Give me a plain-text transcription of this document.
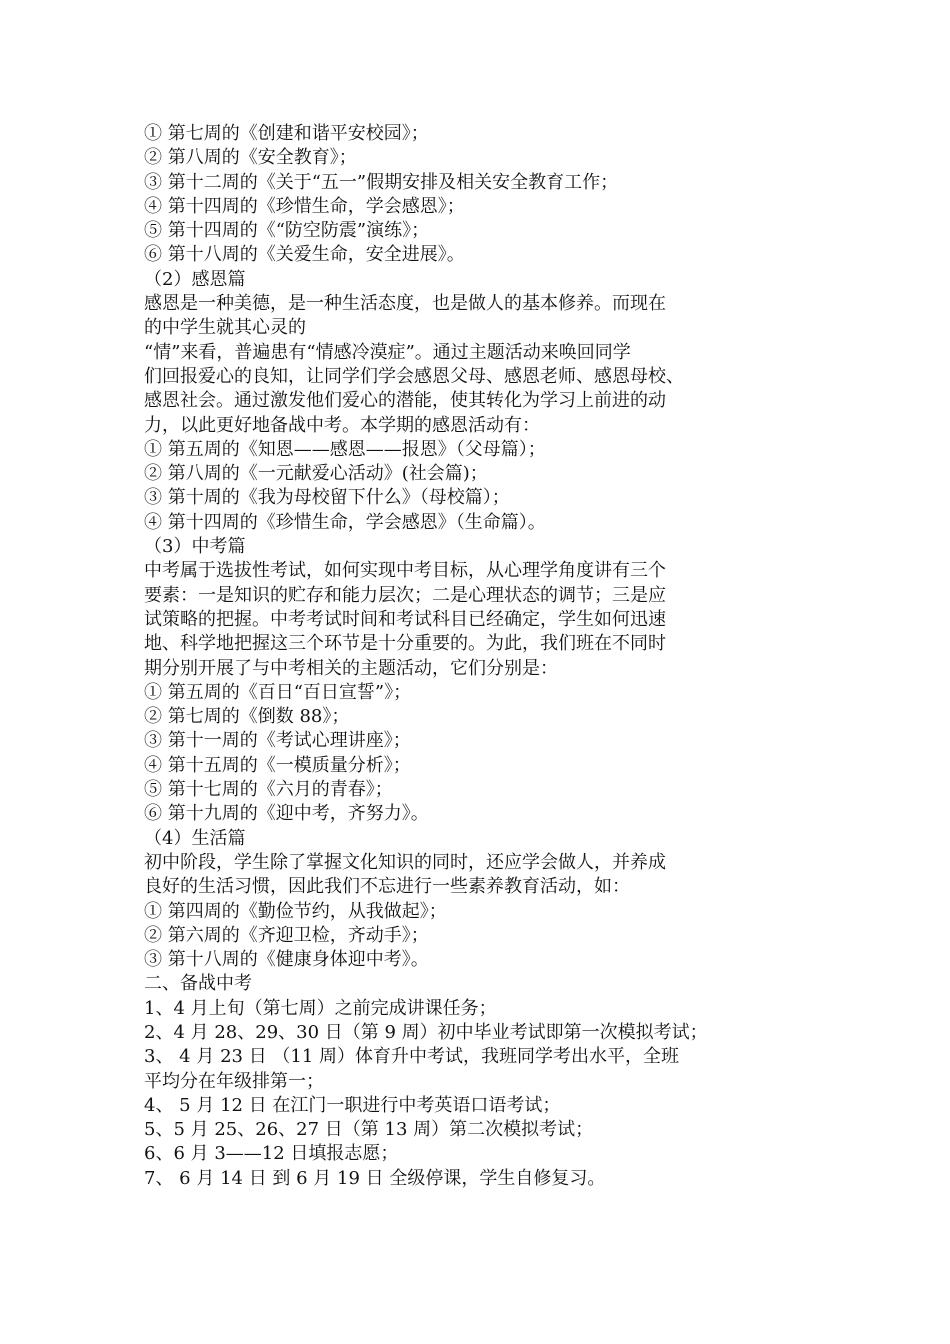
① 第七周的《创建和谐平安校园》；
② 第八周的《安全教育》；
③ 第十二周的《关于“五一”假期安排及相关安全教育工作；
④ 第十四周的《珍惜生命，学会感恩》；
⑤ 第十四周的《“防空防震”演练》；
⑥ 第十八周的《关爱生命，安全进展》。
（2）感恩篇
感恩是一种美德，是一种生活态度，也是做人的基本修养。而现在
的中学生就其心灵的
“情”来看，普遍患有“情感冷漠症”。通过主题活动来唤回同学
们回报爱心的良知，让同学们学会感恩父母、感恩老师、感恩母校、
感恩社会。通过激发他们爱心的潜能，使其转化为学习上前进的动
力，以此更好地备战中考。本学期的感恩活动有：
① 第五周的《知恩——感恩——报恩》（父母篇）；
② 第八周的《一元献爱心活动》(社会篇)；
③ 第十周的《我为母校留下什么》（母校篇）；
④ 第十四周的《珍惜生命，学会感恩》（生命篇）。
（3）中考篇
中考属于选拔性考试，如何实现中考目标，从心理学角度讲有三个
要素：一是知识的贮存和能力层次；二是心理状态的调节；三是应
试策略的把握。中考考试时间和考试科目已经确定，学生如何迅速
地、科学地把握这三个环节是十分重要的。为此，我们班在不同时
期分别开展了与中考相关的主题活动，它们分别是：
① 第五周的《百日“百日宣誓”》；
② 第七周的《倒数 88》；
③ 第十一周的《考试心理讲座》；
④ 第十五周的《一模质量分析》；
⑤ 第十七周的《六月的青春》；
⑥ 第十九周的《迎中考，齐努力》。
（4）生活篇
初中阶段，学生除了掌握文化知识的同时，还应学会做人，并养成
良好的生活习惯，因此我们不忘进行一些素养教育活动，如：
① 第四周的《勤俭节约，从我做起》；
② 第六周的《齐迎卫检，齐动手》；
③ 第十八周的《健康身体迎中考》。
二、备战中考
1、4 月上旬（第七周）之前完成讲课任务；
2、4 月 28、29、30 日（第 9 周）初中毕业考试即第一次模拟考试；
3、 4 月 23 日 （11 周）体育升中考试，我班同学考出水平，全班
平均分在年级排第一；
4、 5 月 12 日 在江门一职进行中考英语口语考试；
5、5 月 25、26、27 日（第 13 周）第二次模拟考试；
6、6 月 3——12 日填报志愿；
7、 6 月 14 日 到 6 月 19 日 全级停课，学生自修复习。
